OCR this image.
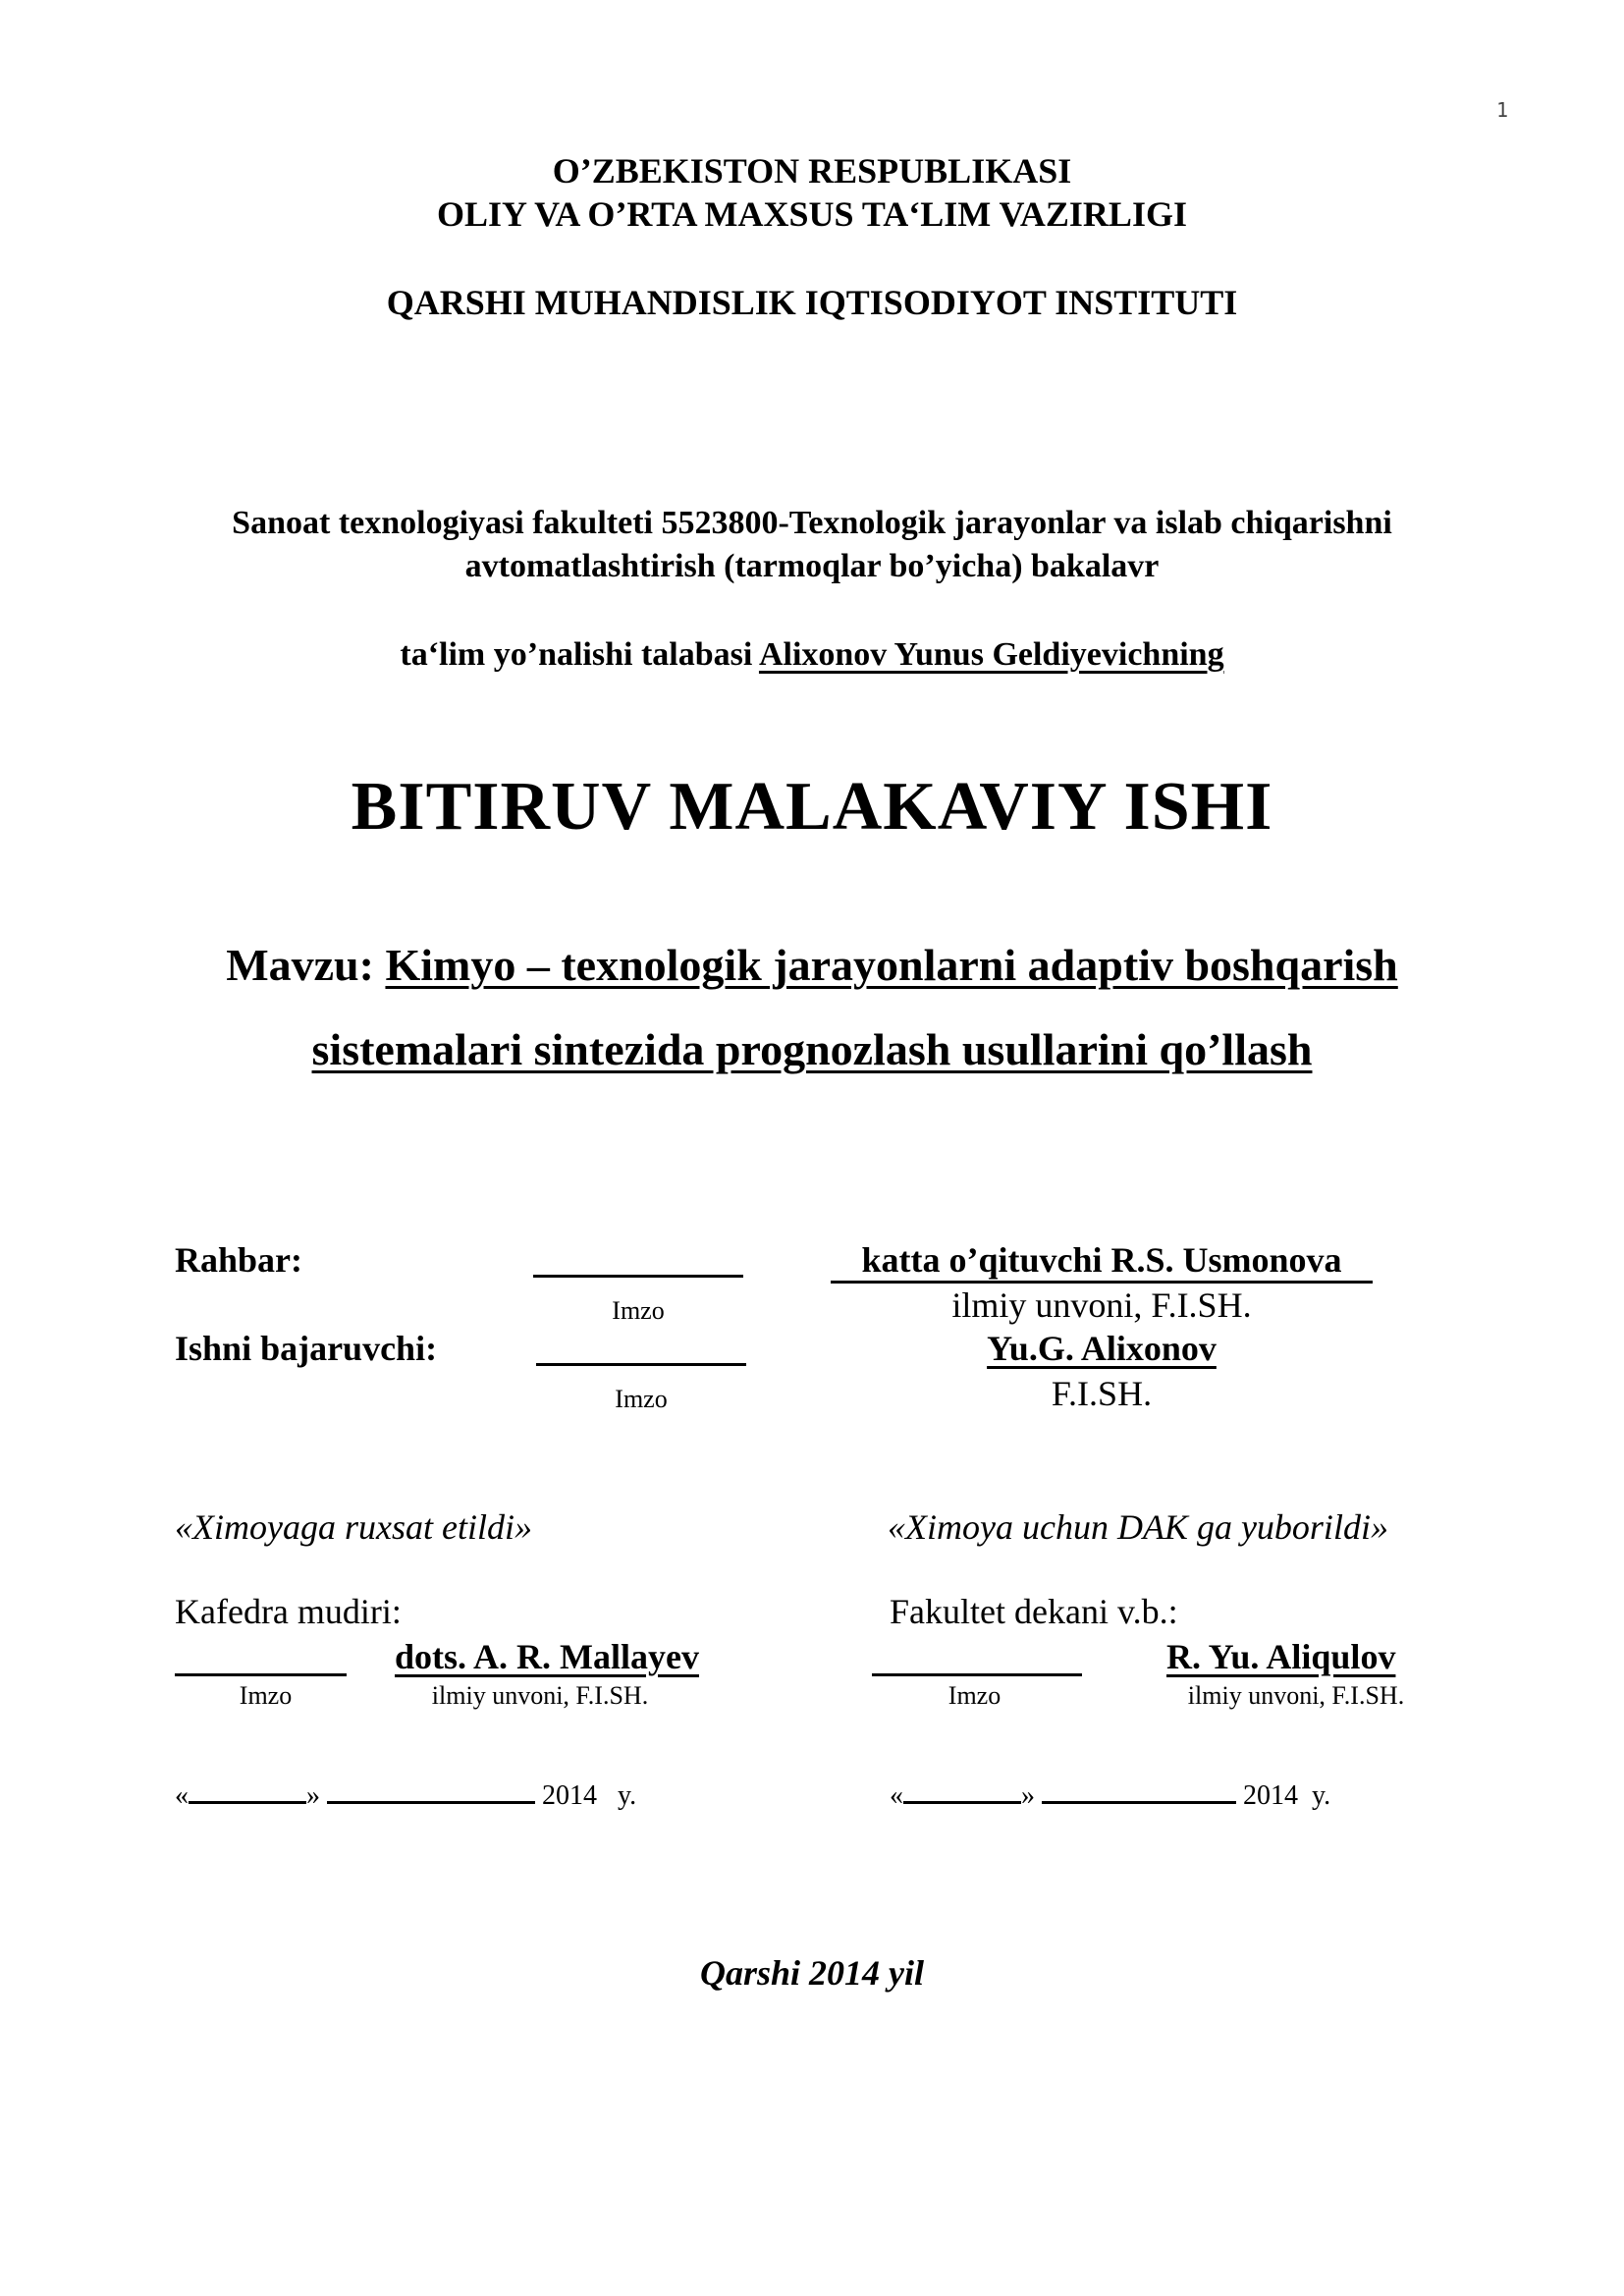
1
O’ZBEKISTON RESPUBLIKASI
OLIY VA O’RTA MAXSUS TA‘LIM VAZIRLIGI
QARSHI MUHANDISLIK IQTISODIYOT INSTITUTI
Sanoat texnologiyasi fakulteti 5523800-Texnologik jarayonlar va islab chiqarishni
avtomatlashtirish (tarmoqlar bo’yicha) bakalavr
ta‘lim yo’nalishi talabasi Alixonov Yunus Geldiyevichning
BITIRUV MALAKAVIY ISHI
Mavzu: Kimyo – texnologik jarayonlarni adaptiv boshqarish
sistemalari sintezida prognozlash usullarini qo’llash
Rahbar:	katta o’qituvchi R.S. Usmonova
Imzo	ilmiy unvoni, F.I.SH.
Ishni bajaruvchi:	Yu.G. Alixonov
Imzo	F.I.SH.
«Ximoyaga ruxsat etildi»	«Ximoya uchun DAK ga yuborildi»
Kafedra mudiri:	Fakultet dekani v.b.:
dots. A. R. Mallayev	R. Yu. Aliqulov
Imzo	ilmiy unvoni, F.I.SH.	Imzo	ilmiy unvoni, F.I.SH.
«	»	2014 y.	«	»	2014 y.
Qarshi 2014 yil
